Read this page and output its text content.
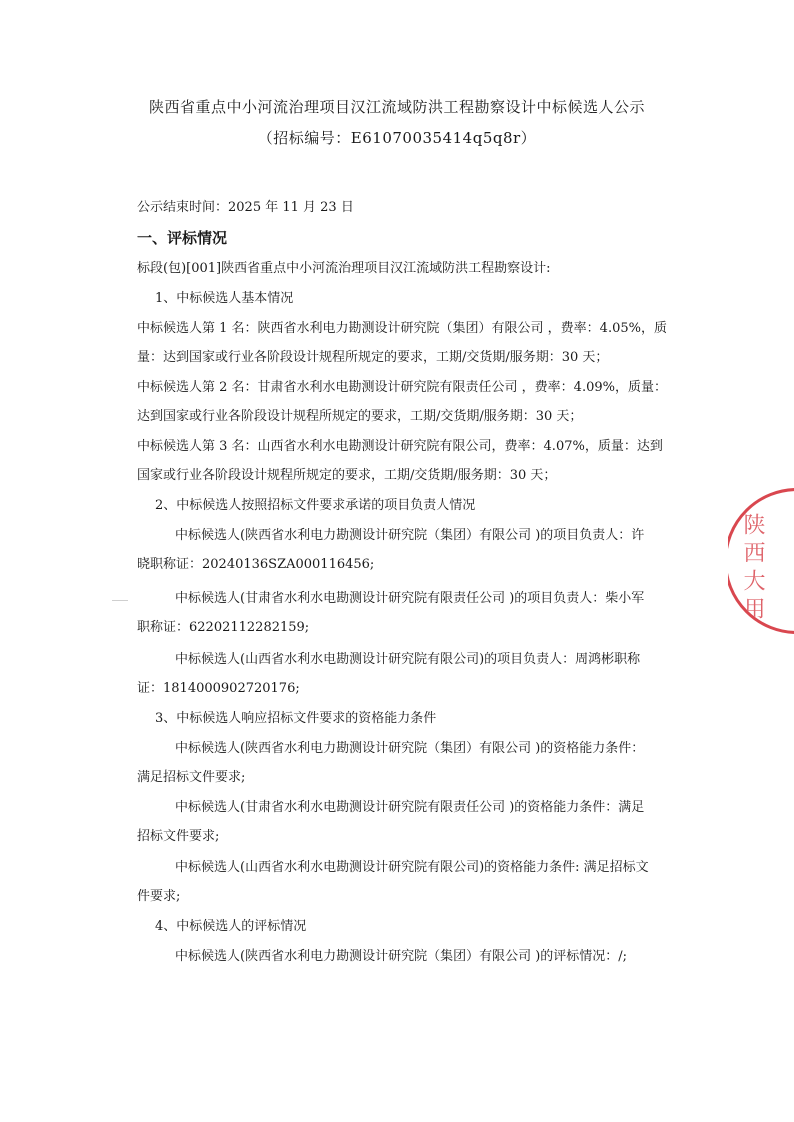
陕西省重点中小河流治理项目汉江流域防洪工程勘察设计中标候选人公示
（招标编号：E61070035414q5q8r）
公示结束时间：2025 年 11 月 23 日
一、评标情况
标段(包)[001]陕西省重点中小河流治理项目汉江流域防洪工程勘察设计:
1、中标候选人基本情况
中标候选人第 1 名：陕西省水利电力勘测设计研究院（集团）有限公司 ，费率：4.05%，质
量：达到国家或行业各阶段设计规程所规定的要求，工期/交货期/服务期：30 天；
中标候选人第 2 名：甘肃省水利水电勘测设计研究院有限责任公司 ，费率：4.09%，质量：
达到国家或行业各阶段设计规程所规定的要求，工期/交货期/服务期：30 天；
中标候选人第 3 名：山西省水利水电勘测设计研究院有限公司，费率：4.07%，质量：达到
国家或行业各阶段设计规程所规定的要求，工期/交货期/服务期：30 天；
2、中标候选人按照招标文件要求承诺的项目负责人情况
中标候选人(陕西省水利电力勘测设计研究院（集团）有限公司 )的项目负责人：许
晓职称证：20240136SZA000116456;
中标候选人(甘肃省水利水电勘测设计研究院有限责任公司 )的项目负责人：柴小军
职称证：62202112282159;
中标候选人(山西省水利水电勘测设计研究院有限公司)的项目负责人：周鸿彬职称
证：1814000902720176;
3、中标候选人响应招标文件要求的资格能力条件
中标候选人(陕西省水利电力勘测设计研究院（集团）有限公司 )的资格能力条件：
满足招标文件要求;
中标候选人(甘肃省水利水电勘测设计研究院有限责任公司 )的资格能力条件：满足
招标文件要求;
中标候选人(山西省水利水电勘测设计研究院有限公司)的资格能力条件: 满足招标文
件要求;
4、中标候选人的评标情况
中标候选人(陕西省水利电力勘测设计研究院（集团）有限公司 )的评标情况：/;
陕西大用
